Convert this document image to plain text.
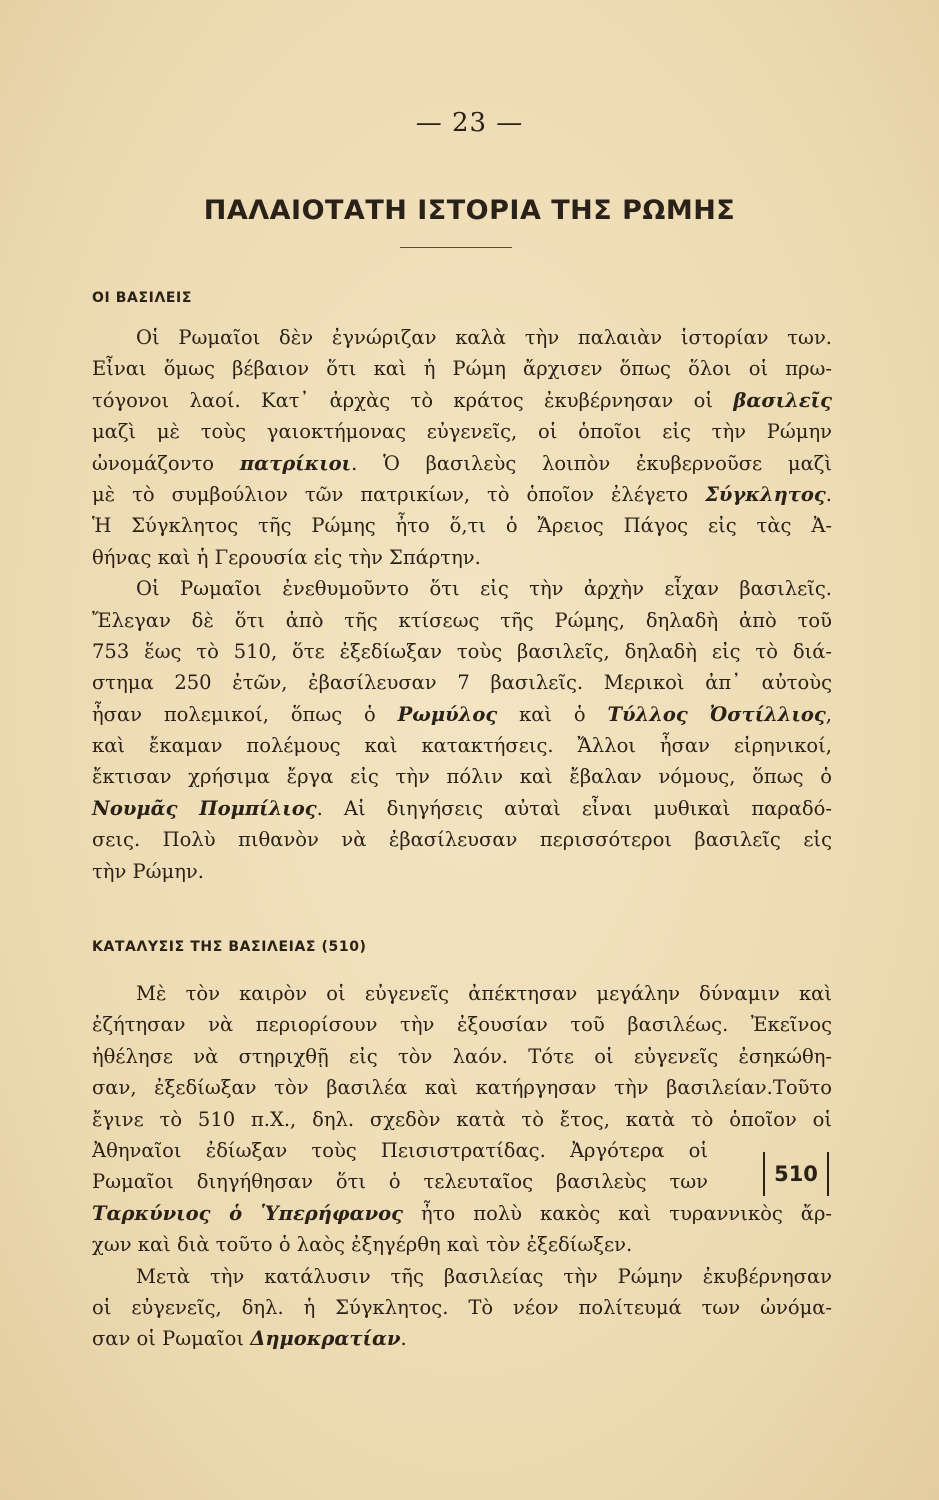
— 23 —
ΠΑΛΑΙΟΤΑΤΗ ΙΣΤΟΡΙΑ ΤΗΣ ΡΩΜΗΣ
ΟΙ ΒΑΣΙΛΕΙΣ
Οἱ Ρωμαῖοι δὲν ἐγνώριζαν καλὰ τὴν παλαιὰν ἱστορίαν των.
Εἶναι ὅμως βέβαιον ὅτι καὶ ἡ Ρώμη ἄρχισεν ὅπως ὅλοι οἱ πρω-
τόγονοι λαοί. Κατ᾽ ἀρχὰς τὸ κράτος ἐκυβέρνησαν οἱ βασιλεῖς
μαζὶ μὲ τοὺς γαιοκτήμονας εὐγενεῖς, οἱ ὁποῖοι εἰς τὴν Ρώμην
ὠνομάζοντο πατρίκιοι. Ὁ βασιλεὺς λοιπὸν ἐκυβερνοῦσε μαζὶ
μὲ τὸ συμβούλιον τῶν πατρικίων, τὸ ὁποῖον ἐλέγετο Σύγκλητος.
Ἡ Σύγκλητος τῆς Ρώμης ἦτο ὅ,τι ὁ Ἄρειος Πάγος εἰς τὰς Ἀ-
θήνας καὶ ἡ Γερουσία εἰς τὴν Σπάρτην.
Οἱ Ρωμαῖοι ἐνεθυμοῦντο ὅτι εἰς τὴν ἀρχὴν εἶχαν βασιλεῖς.
Ἔλεγαν δὲ ὅτι ἀπὸ τῆς κτίσεως τῆς Ρώμης, δηλαδὴ ἀπὸ τοῦ
753 ἕως τὸ 510, ὅτε ἐξεδίωξαν τοὺς βασιλεῖς, δηλαδὴ εἰς τὸ διά-
στημα 250 ἐτῶν, ἐβασίλευσαν 7 βασιλεῖς. Μερικοὶ ἀπ᾽ αὐτοὺς
ἦσαν πολεμικοί, ὅπως ὁ Ρωμύλος καὶ ὁ Τύλλος Ὀστίλλιος,
καὶ ἔκαμαν πολέμους καὶ κατακτήσεις. Ἄλλοι ἦσαν εἰρηνικοί,
ἔκτισαν χρήσιμα ἔργα εἰς τὴν πόλιν καὶ ἔβαλαν νόμους, ὅπως ὁ
Νουμᾶς Πομπίλιος. Αἱ διηγήσεις αὐταὶ εἶναι μυθικαὶ παραδό-
σεις. Πολὺ πιθανὸν νὰ ἐβασίλευσαν περισσότεροι βασιλεῖς εἰς
τὴν Ρώμην.
ΚΑΤΑΛΥΣΙΣ ΤΗΣ ΒΑΣΙΛΕΙΑΣ (510)
Μὲ τὸν καιρὸν οἱ εὐγενεῖς ἀπέκτησαν μεγάλην δύναμιν καὶ
ἐζήτησαν νὰ περιορίσουν τὴν ἐξουσίαν τοῦ βασιλέως. Ἐκεῖνος
ἠθέλησε νὰ στηριχθῇ εἰς τὸν λαόν. Τότε οἱ εὐγενεῖς ἐσηκώθη-
σαν, ἐξεδίωξαν τὸν βασιλέα καὶ κατήργησαν τὴν βασιλείαν.Τοῦτο
ἔγινε τὸ 510 π.Χ., δηλ. σχεδὸν κατὰ τὸ ἔτος, κατὰ τὸ ὁποῖον οἱ
Ἀθηναῖοι ἐδίωξαν τοὺς Πεισιστρατίδας. Ἀργότερα οἱ
Ρωμαῖοι διηγήθησαν ὅτι ὁ τελευταῖος βασιλεὺς των
Ταρκύνιος ὁ Ὑπερήφανος ἦτο πολὺ κακὸς καὶ τυραννικὸς ἄρ-
χων καὶ διὰ τοῦτο ὁ λαὸς ἐξηγέρθη καὶ τὸν ἐξεδίωξεν.
Μετὰ τὴν κατάλυσιν τῆς βασιλείας τὴν Ρώμην ἐκυβέρνησαν
οἱ εὐγενεῖς, δηλ. ἡ Σύγκλητος. Τὸ νέον πολίτευμά των ὠνόμα-
σαν οἱ Ρωμαῖοι Δημοκρατίαν.
510
